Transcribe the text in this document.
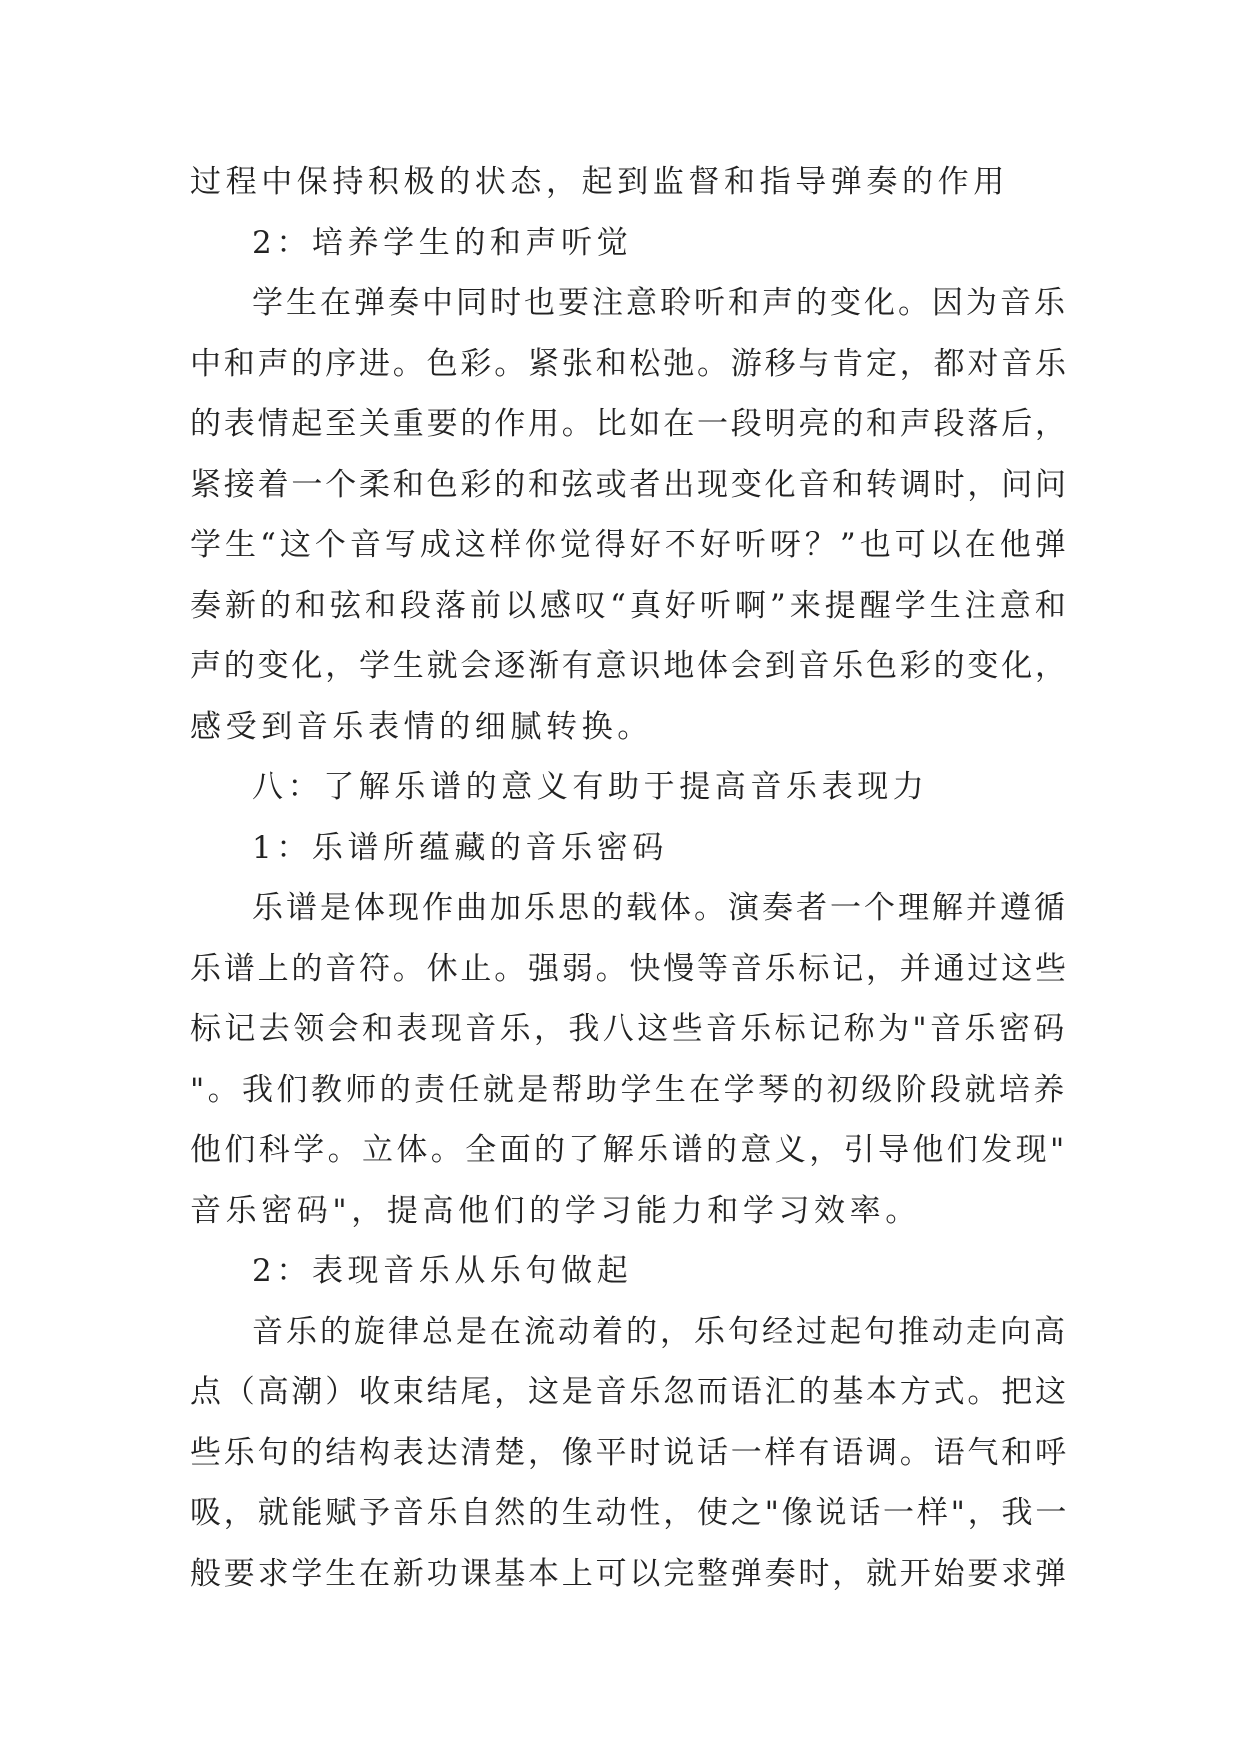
过程中保持积极的状态，起到监督和指导弹奏的作用
2：培养学生的和声听觉
学生在弹奏中同时也要注意聆听和声的变化。因为音乐
中和声的序进。色彩。紧张和松弛。游移与肯定，都对音乐
的表情起至关重要的作用。比如在一段明亮的和声段落后，
紧接着一个柔和色彩的和弦或者出现变化音和转调时，问问
学生“这个音写成这样你觉得好不好听呀？”也可以在他弹
奏新的和弦和段落前以感叹“真好听啊”来提醒学生注意和
声的变化，学生就会逐渐有意识地体会到音乐色彩的变化，
感受到音乐表情的细腻转换。
八：了解乐谱的意义有助于提高音乐表现力
1：乐谱所蕴藏的音乐密码
乐谱是体现作曲加乐思的载体。演奏者一个理解并遵循
乐谱上的音符。休止。强弱。快慢等音乐标记，并通过这些
标记去领会和表现音乐，我八这些音乐标记称为"音乐密码
"。我们教师的责任就是帮助学生在学琴的初级阶段就培养
他们科学。立体。全面的了解乐谱的意义，引导他们发现"
音乐密码"，提高他们的学习能力和学习效率。
2：表现音乐从乐句做起
音乐的旋律总是在流动着的，乐句经过起句推动走向高
点（高潮）收束结尾，这是音乐忽而语汇的基本方式。把这
些乐句的结构表达清楚，像平时说话一样有语调。语气和呼
吸，就能赋予音乐自然的生动性，使之"像说话一样"，我一
般要求学生在新功课基本上可以完整弹奏时，就开始要求弹
